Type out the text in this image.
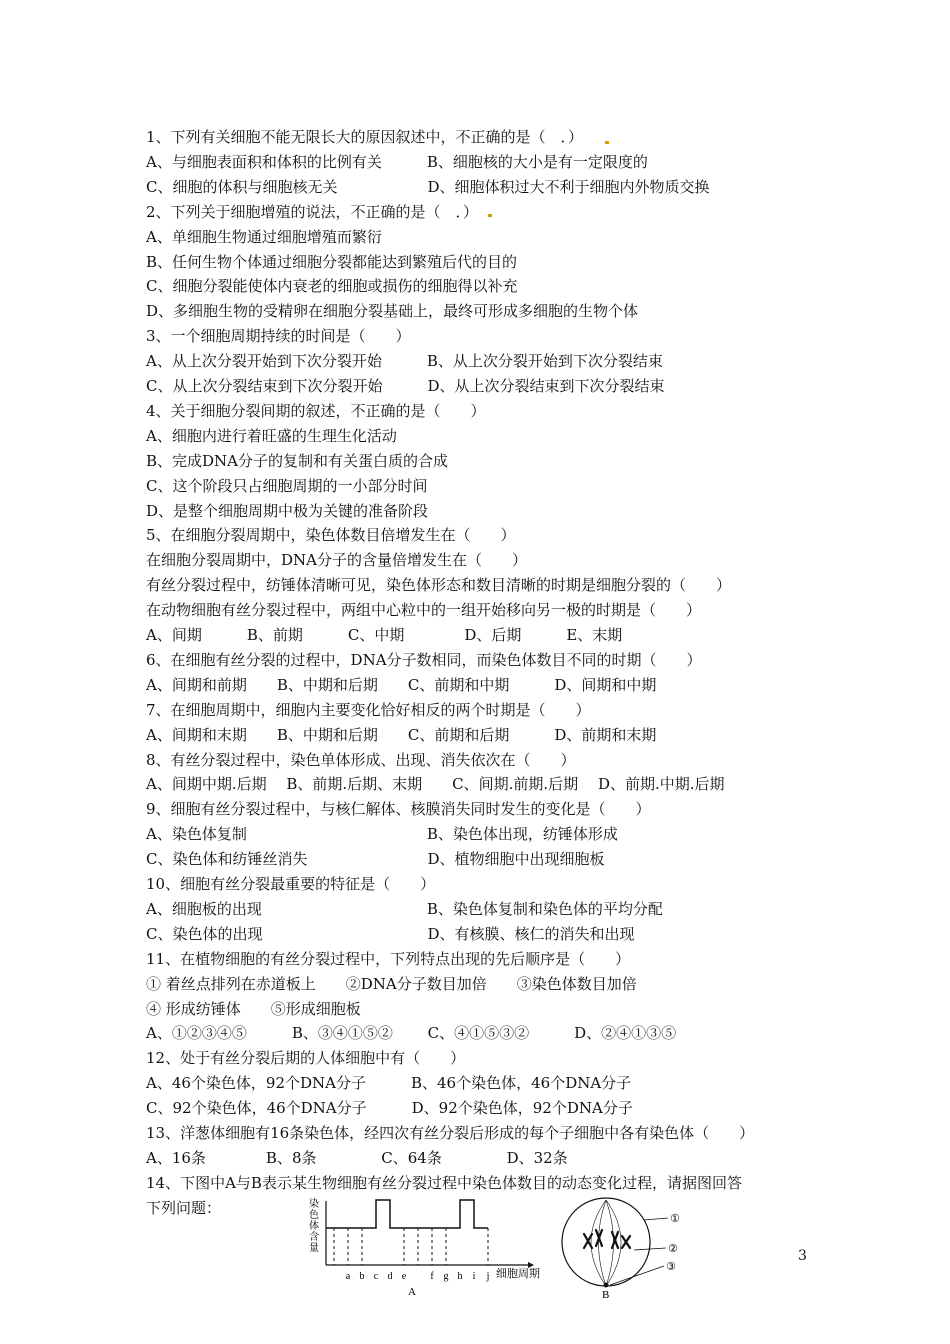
1、下列有关细胞不能无限长大的原因叙述中，不正确的是（　．）
A、与细胞表面积和体积的比例有关　　　B、细胞核的大小是有一定限度的
C、细胞的体积与细胞核无关　　　　　　D、细胞体积过大不利于细胞内外物质交换
2、下列关于细胞增殖的说法，不正确的是（　．）
A、单细胞生物通过细胞增殖而繁衍
B、任何生物个体通过细胞分裂都能达到繁殖后代的目的
C、细胞分裂能使体内衰老的细胞或损伤的细胞得以补充
D、多细胞生物的受精卵在细胞分裂基础上，最终可形成多细胞的生物个体
3、一个细胞周期持续的时间是（　　）
A、从上次分裂开始到下次分裂开始　　　B、从上次分裂开始到下次分裂结束
C、从上次分裂结束到下次分裂开始　　　D、从上次分裂结束到下次分裂结束
4、关于细胞分裂间期的叙述，不正确的是（　　）
A、细胞内进行着旺盛的生理生化活动
B、完成DNA分子的复制和有关蛋白质的合成
C、这个阶段只占细胞周期的一小部分时间
D、是整个细胞周期中极为关键的准备阶段
5、在细胞分裂周期中，染色体数目倍增发生在（　　）
在细胞分裂周期中，DNA分子的含量倍增发生在（　　）
有丝分裂过程中，纺锤体清晰可见，染色体形态和数目清晰的时期是细胞分裂的（　　）
在动物细胞有丝分裂过程中，两组中心粒中的一组开始移向另一极的时期是（　　）
A、间期　　　B、前期　　　C、中期　　　　D、后期　　　E、末期
6、在细胞有丝分裂的过程中，DNA分子数相同，而染色体数目不同的时期（　　）
A、间期和前期　　B、中期和后期　　C、前期和中期　　　D、间期和中期
7、在细胞周期中，细胞内主要变化恰好相反的两个时期是（　　）
A、间期和末期　　B、中期和后期　　C、前期和后期　　　D、前期和末期
8、有丝分裂过程中，染色单体形成、出现、消失依次在（　　）
A、间期中期.后期　 B、前期.后期、末期　　C、间期.前期.后期　 D、前期.中期.后期
9、细胞有丝分裂过程中，与核仁解体、核膜消失同时发生的变化是（　　）
A、染色体复制　　　　　　　　　　　　B、染色体出现，纺锤体形成
C、染色体和纺锤丝消失　　　　　　　　D、植物细胞中出现细胞板
10、细胞有丝分裂最重要的特征是（　　）
A、细胞板的出现　　　　　　　　　　　B、染色体复制和染色体的平均分配
C、染色体的出现　　　　　　　　　　　D、有核膜、核仁的消失和出现
11、在植物细胞的有丝分裂过程中，下列特点出现的先后顺序是（　　）
① 着丝点排列在赤道板上　　②DNA分子数目加倍　　③染色体数目加倍
④ 形成纺锤体　　⑤形成细胞板
A、①②③④⑤　　　B、③④①⑤②　　 C、④①⑤③②　　　D、②④①③⑤
12、处于有丝分裂后期的人体细胞中有（　　）
A、46个染色体，92个DNA分子　　　B、46个染色体，46个DNA分子
C、92个染色体，46个DNA分子　　　D、92个染色体，92个DNA分子
13、洋葱体细胞有16条染色体，经四次有丝分裂后形成的每个子细胞中各有染色体（　　）
A、16条　　　　B、8条　　　　 C、64条　　　　 D、32条
14、下图中A与B表示某生物细胞有丝分裂过程中染色体数目的动态变化过程，请据图回答
下列问题：	染
色
体
含
量
a b c d e f g h i j 细胞周期
A
①
②
③
B
3
